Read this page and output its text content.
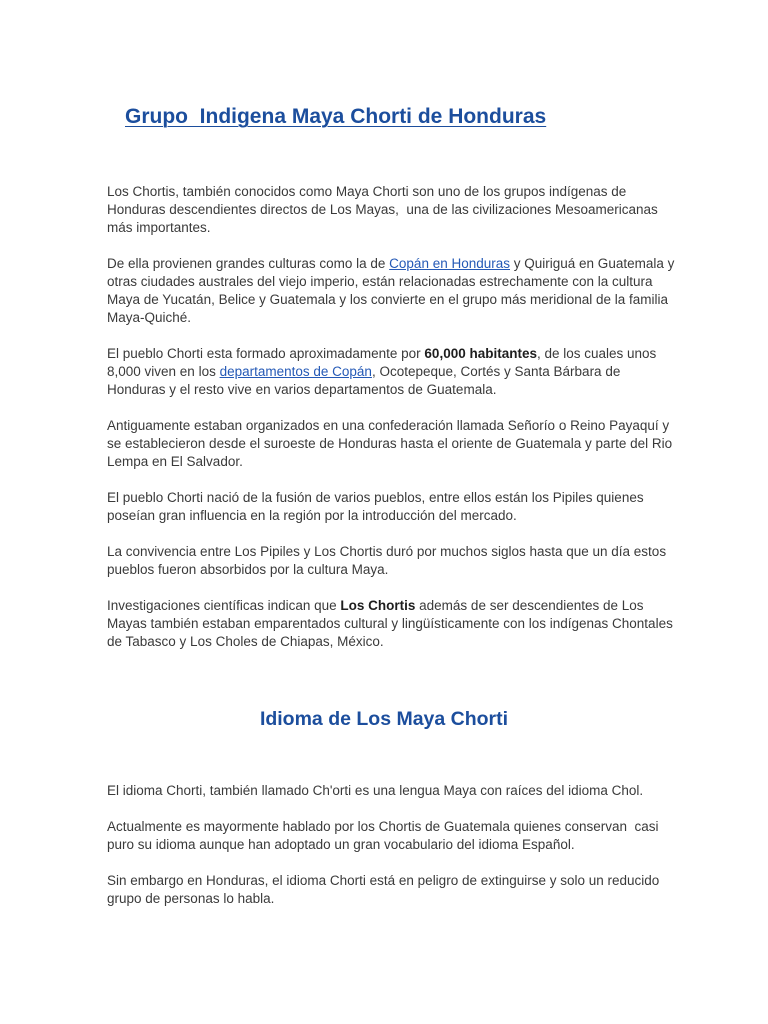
Grupo  Indigena Maya Chorti de Honduras
Los Chortis, también conocidos como Maya Chorti son uno de los grupos indígenas de
Honduras descendientes directos de Los Mayas,  una de las civilizaciones Mesoamericanas
más importantes.
De ella provienen grandes culturas como la de Copán en Honduras y Quiriguá en Guatemala y
otras ciudades australes del viejo imperio, están relacionadas estrechamente con la cultura
Maya de Yucatán, Belice y Guatemala y los convierte en el grupo más meridional de la familia
Maya-Quiché.
El pueblo Chorti esta formado aproximadamente por 60,000 habitantes, de los cuales unos
8,000 viven en los departamentos de Copán, Ocotepeque, Cortés y Santa Bárbara de
Honduras y el resto vive en varios departamentos de Guatemala.
Antiguamente estaban organizados en una confederación llamada Señorío o Reino Payaquí y
se establecieron desde el suroeste de Honduras hasta el oriente de Guatemala y parte del Rio
Lempa en El Salvador.
El pueblo Chorti nació de la fusión de varios pueblos, entre ellos están los Pipiles quienes
poseían gran influencia en la región por la introducción del mercado.
La convivencia entre Los Pipiles y Los Chortis duró por muchos siglos hasta que un día estos
pueblos fueron absorbidos por la cultura Maya.
Investigaciones científicas indican que Los Chortis además de ser descendientes de Los
Mayas también estaban emparentados cultural y lingüísticamente con los indígenas Chontales
de Tabasco y Los Choles de Chiapas, México.
Idioma de Los Maya Chorti
El idioma Chorti, también llamado Ch'orti es una lengua Maya con raíces del idioma Chol.
Actualmente es mayormente hablado por los Chortis de Guatemala quienes conservan  casi
puro su idioma aunque han adoptado un gran vocabulario del idioma Español.
Sin embargo en Honduras, el idioma Chorti está en peligro de extinguirse y solo un reducido
grupo de personas lo habla.
